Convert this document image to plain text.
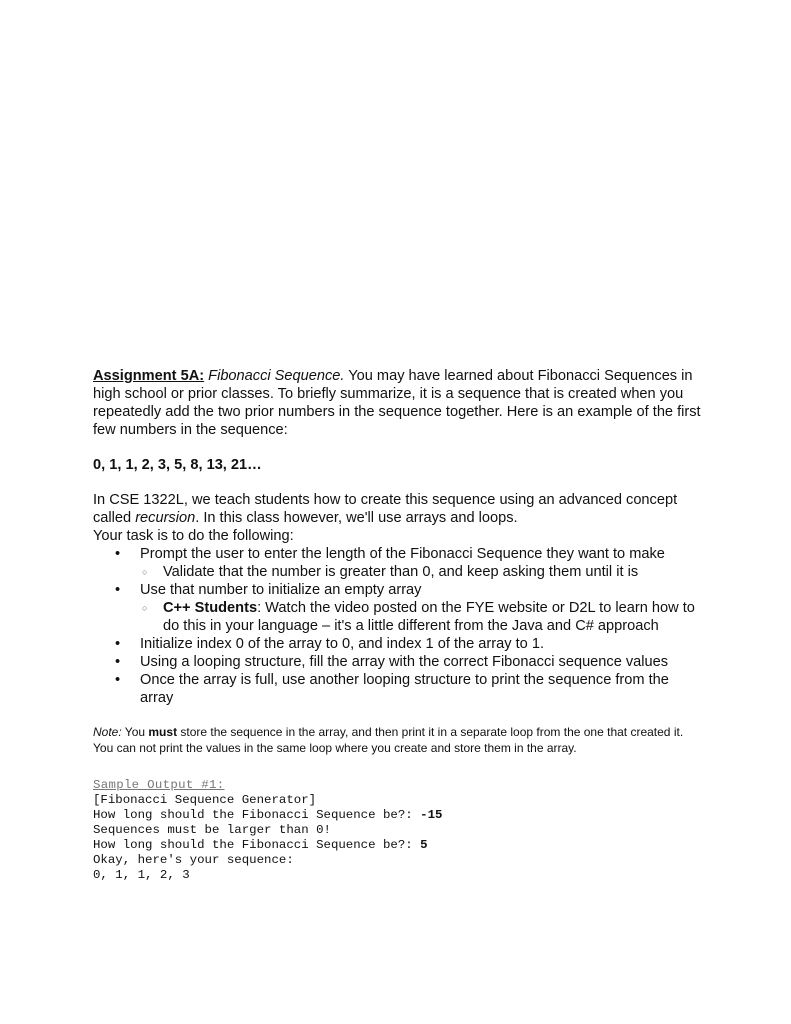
Assignment 5A: Fibonacci Sequence. You may have learned about Fibonacci Sequences in high school or prior classes. To briefly summarize, it is a sequence that is created when you repeatedly add the two prior numbers in the sequence together. Here is an example of the first few numbers in the sequence:

0, 1, 1, 2, 3, 5, 8, 13, 21…

In CSE 1322L, we teach students how to create this sequence using an advanced concept called recursion. In this class however, we'll use arrays and loops.

Your task is to do the following:

• Prompt the user to enter the length of the Fibonacci Sequence they want to make
○ Validate that the number is greater than 0, and keep asking them until it is
• Use that number to initialize an empty array
○ C++ Students: Watch the video posted on the FYE website or D2L to learn how to do this in your language – it's a little different from the Java and C# approach
• Initialize index 0 of the array to 0, and index 1 of the array to 1.
• Using a looping structure, fill the array with the correct Fibonacci sequence values
• Once the array is full, use another looping structure to print the sequence from the array

Note: You must store the sequence in the array, and then print it in a separate loop from the one that created it. You can not print the values in the same loop where you create and store them in the array.

Sample Output #1:
[Fibonacci Sequence Generator]
How long should the Fibonacci Sequence be?: -15
Sequences must be larger than 0!
How long should the Fibonacci Sequence be?: 5
Okay, here's your sequence:
0, 1, 1, 2, 3
